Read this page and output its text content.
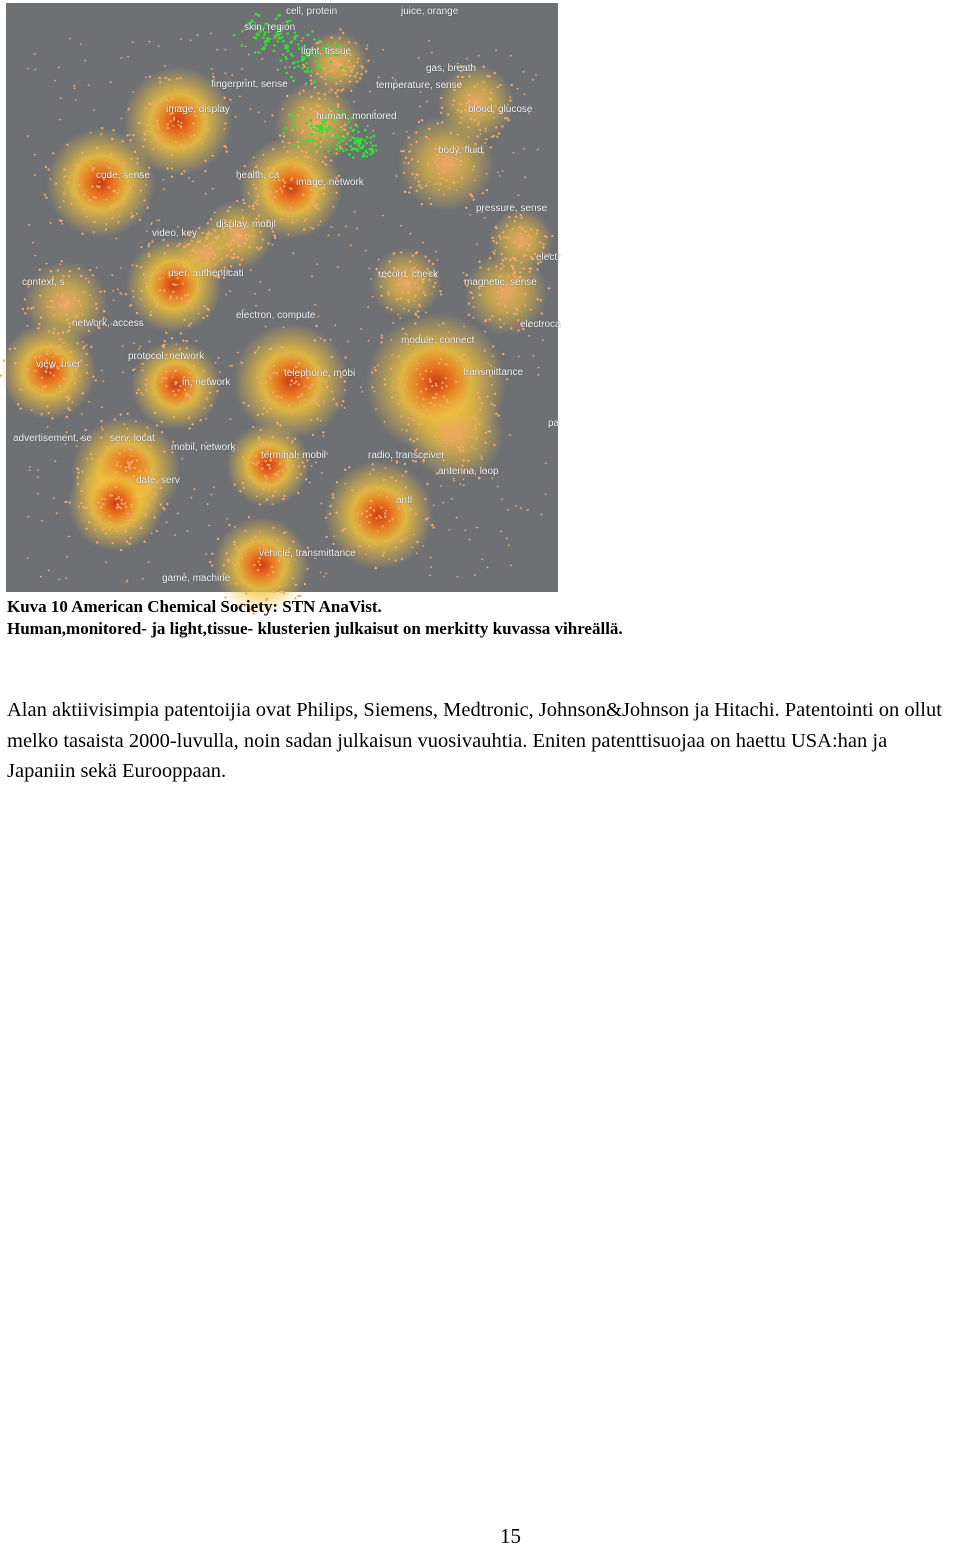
cell, protein	juice, orange
skin, region
light, tissue
gas, breath
fingerprint, sense	temperature, sense
image, display
human, monitored
blood, glucose
body, fluid
code, sense	health, ca
image, network
pressure, sense
display, mobil
video, key
electr
user, authenticati	record, check
magnetic, sense
context, s
electron, compute
electroca
network, access
module, connect
protocol, network
view, user
telephone, mobi	transmittance
in, network
pa
advertisement, se serv, locat
mobil, network
terminal, mobil	radio, transceiver
antenna, loop
date, serv
antl
vehicle, transmittance
game, machine
Kuva 10 American Chemical Society: STN AnaVist.
Human,monitored- ja light,tissue- klusterien julkaisut on merkitty kuvassa vihreällä.
Alan aktiivisimpia patentoijia ovat Philips, Siemens, Medtronic, Johnson&Johnson ja Hitachi. Patentointi on ollut melko tasaista 2000-luvulla, noin sadan julkaisun vuosivauhtia. Eniten patenttisuojaa on haettu USA:han ja Japaniin sekä Eurooppaan.
15
